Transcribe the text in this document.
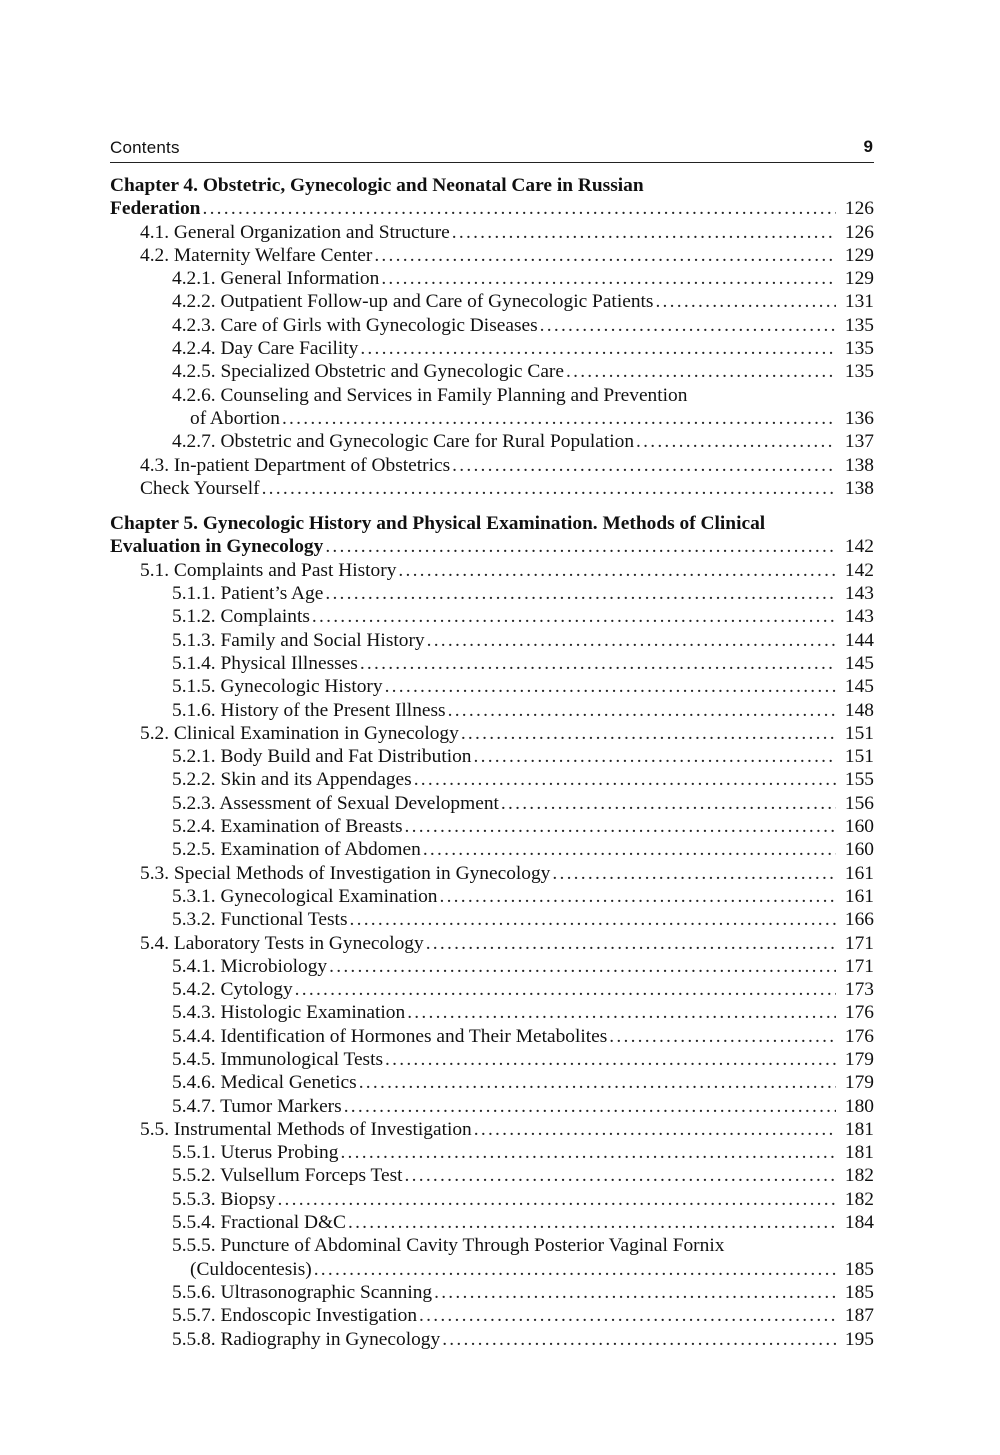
Contents	9
Chapter 4. Obstetric, Gynecologic and Neonatal Care in Russian
Federation . . .	126
4.1. General Organization and Structure . . .	126
4.2. Maternity Welfare Center . . .	129
4.2.1. General Information . . .	129
4.2.2. Outpatient Follow-up and Care of Gynecologic Patients . . .	131
4.2.3. Care of Girls with Gynecologic Diseases . . .	135
4.2.4. Day Care Facility . . .	135
4.2.5. Specialized Obstetric and Gynecologic Care . . .	135
4.2.6. Counseling and Services in Family Planning and Prevention
of Abortion . . .	136
4.2.7. Obstetric and Gynecologic Care for Rural Population . . .	137
4.3. In-patient Department of Obstetrics . . .	138
Check Yourself . . .	138
Chapter 5. Gynecologic History and Physical Examination. Methods of Clinical
Evaluation in Gynecology . . .	142
5.1. Complaints and Past History . . .	142
5.1.1. Patient’s Age . . .	143
5.1.2. Complaints . . .	143
5.1.3. Family and Social History . . .	144
5.1.4. Physical Illnesses . . .	145
5.1.5. Gynecologic History . . .	145
5.1.6. History of the Present Illness . . .	148
5.2. Clinical Examination in Gynecology . . .	151
5.2.1. Body Build and Fat Distribution . . .	151
5.2.2. Skin and its Appendages . . .	155
5.2.3. Assessment of Sexual Development . . .	156
5.2.4. Examination of Breasts . . .	160
5.2.5. Examination of Abdomen . . .	160
5.3. Special Methods of Investigation in Gynecology . . .	161
5.3.1. Gynecological Examination . . .	161
5.3.2. Functional Tests . . .	166
5.4. Laboratory Tests in Gynecology . . .	171
5.4.1. Microbiology . . .	171
5.4.2. Cytology . . .	173
5.4.3. Histologic Examination . . .	176
5.4.4. Identification of Hormones and Their Metabolites . . .	176
5.4.5. Immunological Tests . . .	179
5.4.6. Medical Genetics . . .	179
5.4.7. Tumor Markers . . .	180
5.5. Instrumental Methods of Investigation . . .	181
5.5.1. Uterus Probing . . .	181
5.5.2. Vulsellum Forceps Test . . .	182
5.5.3. Biopsy . . .	182
5.5.4. Fractional D&C . . .	184
5.5.5. Puncture of Abdominal Cavity Through Posterior Vaginal Fornix
(Culdocentesis) . . .	185
5.5.6. Ultrasonographic Scanning . . .	185
5.5.7. Endoscopic Investigation . . .	187
5.5.8. Radiography in Gynecology . . .	195
